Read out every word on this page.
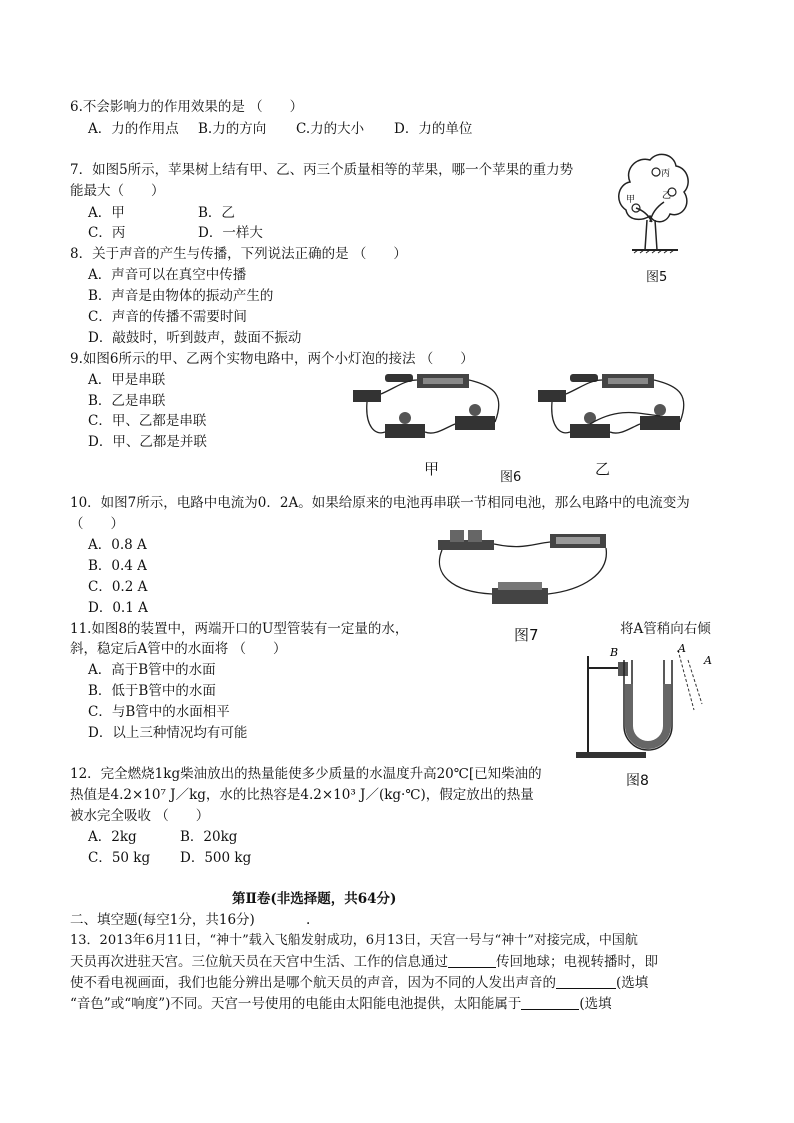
6.不会影响力的作用效果的是 （　　）
A．力的作用点 B.力的方向 C.力的大小 D．力的单位
7．如图5所示，苹果树上结有甲、乙、丙三个质量相等的苹果，哪一个苹果的重力势
能最大（　　）
A．甲	B．乙
C．丙	D．一样大
丙
乙
甲
图5
8．关于声音的产生与传播，下列说法正确的是 （　　）
A．声音可以在真空中传播
B．声音是由物体的振动产生的
C．声音的传播不需要时间
D．敲鼓时，听到鼓声，鼓面不振动
9.如图6所示的甲、乙两个实物电路中，两个小灯泡的接法 （　　）
A．甲是串联
B．乙是串联
C．甲、乙都是串联
D．甲、乙都是并联
甲	图6	乙
10．如图7所示，电路中电流为0．2A。如果给原来的电池再串联一节相同电池，那么电路中的电流变为
（　　）
A．0.8 A
B．0.4 A
C．0.2 A
D．0.1 A
图7
11.如图8的装置中，两端开口的U型管装有一定量的水，	将A管稍向右倾
斜，稳定后A管中的水面将 （　　）
A．高于B管中的水面
B．低于B管中的水面
C．与B管中的水面相平
D．以上三种情况均有可能
B	A
A
图8
12．完全燃烧1kg柴油放出的热量能使多少质量的水温度升高20℃[已知柴油的
热值是4.2×10⁷ J／kg，水的比热容是4.2×10³ J／(kg·℃)，假定放出的热量
被水完全吸收 （　　）
A．2kg	B．20kg
C．50 kg D．500 kg
第Ⅱ卷(非选择题，共64分)
二、填空题(每空1分，共16分)	.
13．2013年6月11日，“神十”载入飞船发射成功，6月13日，天宫一号与“神十”对接完成，中国航
天员再次进驻天宫。三位航天员在天宫中生活、工作的信息通过	传回地球；电视转播时，即
使不看电视画面，我们也能分辨出是哪个航天员的声音，因为不同的人发出声音的	(选填
“音色”或“响度”)不同。天宫一号使用的电能由太阳能电池提供，太阳能属于	(选填
